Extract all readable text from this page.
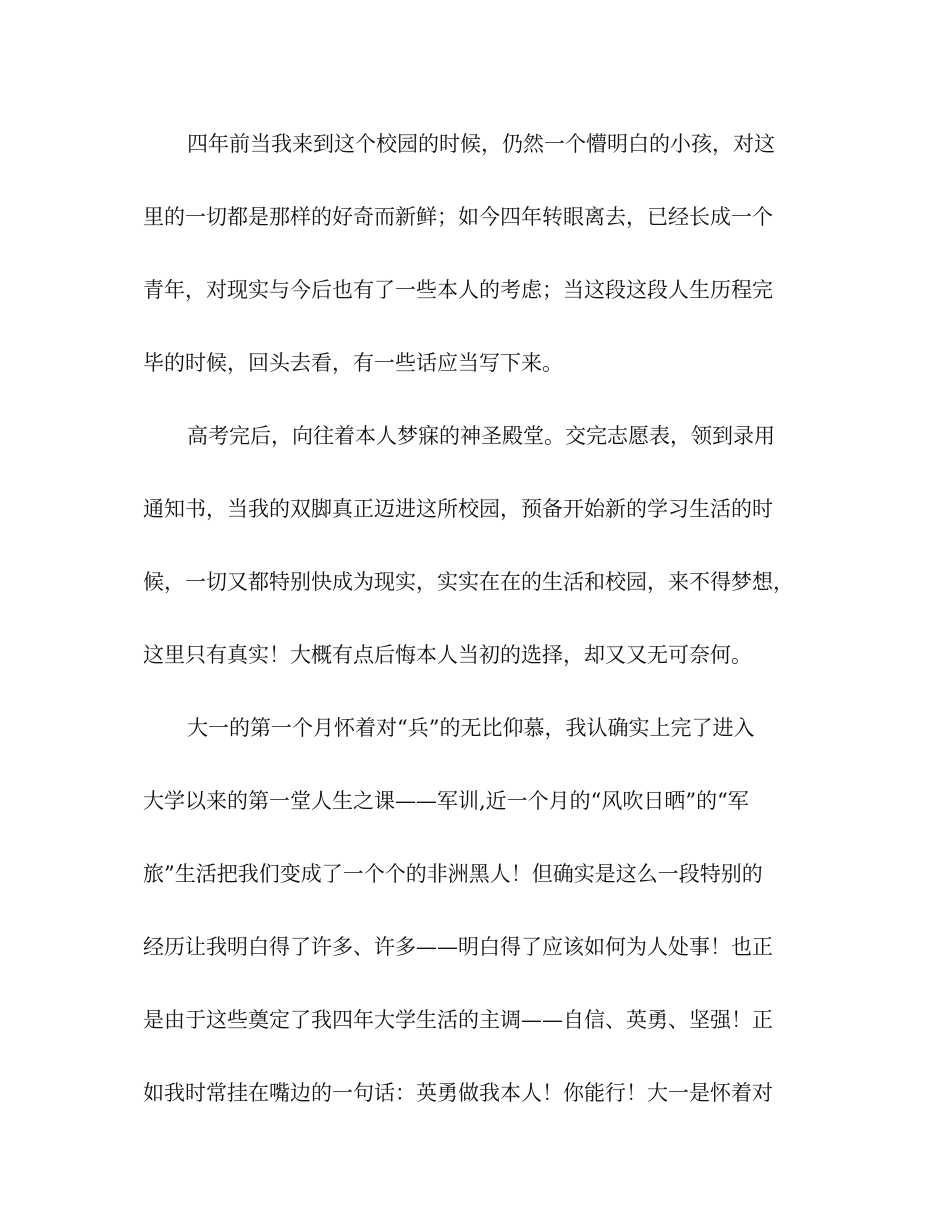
四年前当我来到这个校园的时候，仍然一个懵明白的小孩，对这
里的一切都是那样的好奇而新鲜；如今四年转眼离去，已经长成一个
青年，对现实与今后也有了一些本人的考虑；当这段这段人生历程完
毕的时候，回头去看，有一些话应当写下来。

高考完后，向往着本人梦寐的神圣殿堂。交完志愿表，领到录用
通知书，当我的双脚真正迈进这所校园，预备开始新的学习生活的时
候，一切又都特别快成为现实，实实在在的生活和校园，来不得梦想，
这里只有真实！大概有点后悔本人当初的选择，却又又无可奈何。

大一的第一个月怀着对“兵”的无比仰慕，我认确实上完了进入
大学以来的第一堂人生之课——军训,近一个月的“风吹日晒”的“军
旅”生活把我们变成了一个个的非洲黑人！但确实是这么一段特别的
经历让我明白得了许多、许多——明白得了应该如何为人处事！也正
是由于这些奠定了我四年大学生活的主调——自信、英勇、坚强！正
如我时常挂在嘴边的一句话：英勇做我本人！你能行！大一是怀着对
